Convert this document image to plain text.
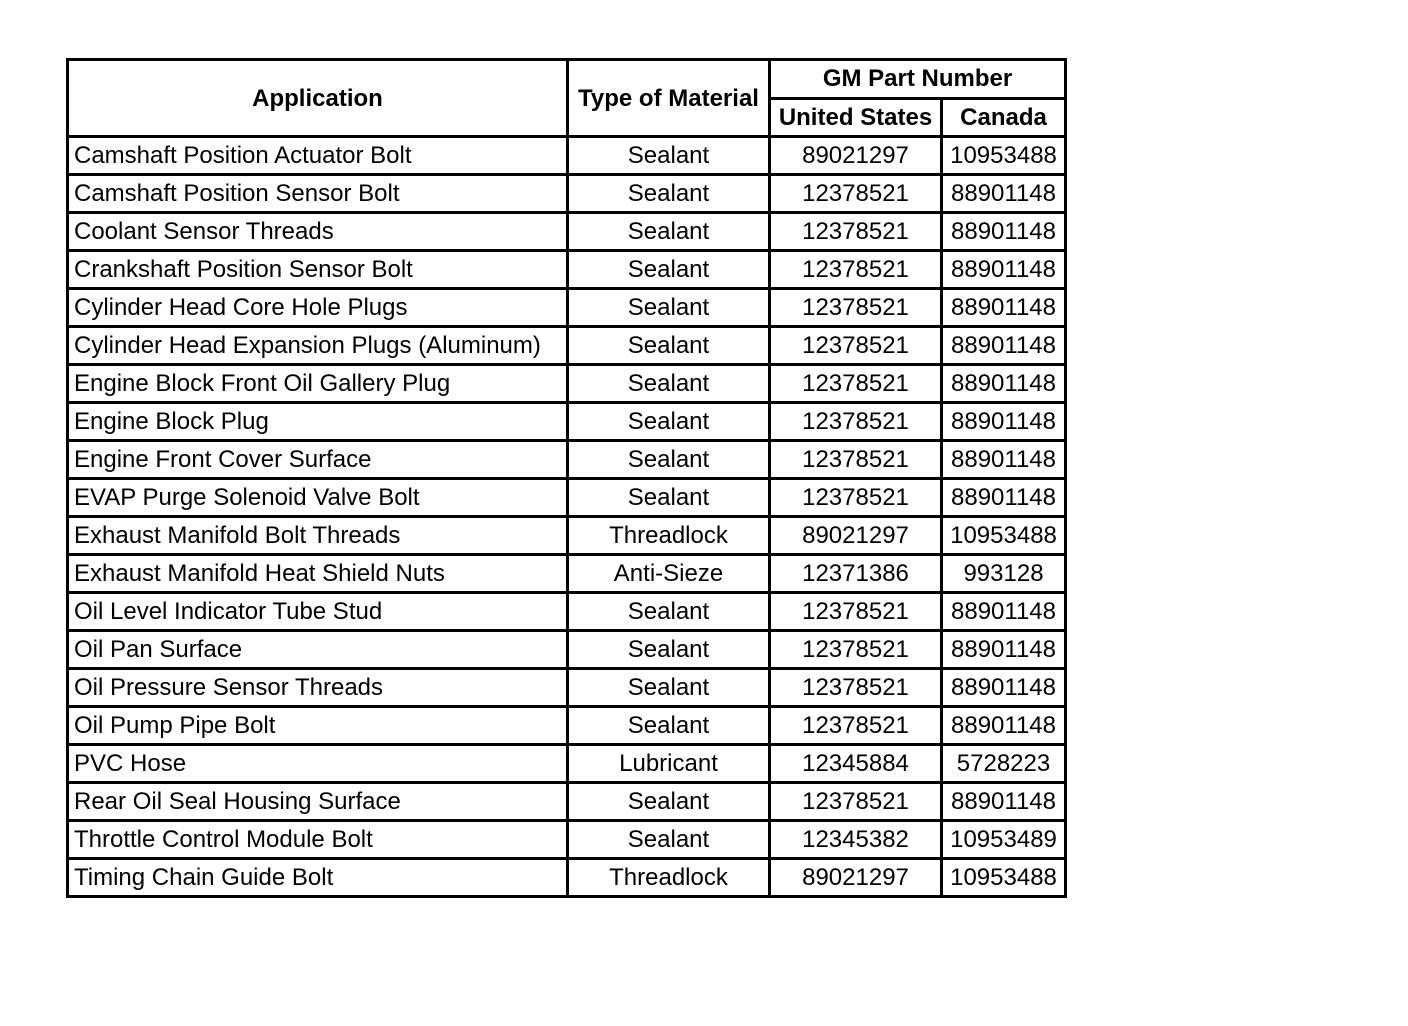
Application	Type of Material	GM Part Number	
		United States	Canada
Camshaft Position Actuator Bolt	Sealant	89021297	10953488
Camshaft Position Sensor Bolt	Sealant	12378521	88901148
Coolant Sensor Threads	Sealant	12378521	88901148
Crankshaft Position Sensor Bolt	Sealant	12378521	88901148
Cylinder Head Core Hole Plugs	Sealant	12378521	88901148
Cylinder Head Expansion Plugs (Aluminum)	Sealant	12378521	88901148
Engine Block Front Oil Gallery Plug	Sealant	12378521	88901148
Engine Block Plug	Sealant	12378521	88901148
Engine Front Cover Surface	Sealant	12378521	88901148
EVAP Purge Solenoid Valve Bolt	Sealant	12378521	88901148
Exhaust Manifold Bolt Threads	Threadlock	89021297	10953488
Exhaust Manifold Heat Shield Nuts	Anti-Sieze	12371386	993128
Oil Level Indicator Tube Stud	Sealant	12378521	88901148
Oil Pan Surface	Sealant	12378521	88901148
Oil Pressure Sensor Threads	Sealant	12378521	88901148
Oil Pump Pipe Bolt	Sealant	12378521	88901148
PVC Hose	Lubricant	12345884	5728223
Rear Oil Seal Housing Surface	Sealant	12378521	88901148
Throttle Control Module Bolt	Sealant	12345382	10953489
Timing Chain Guide Bolt	Threadlock	89021297	10953488
